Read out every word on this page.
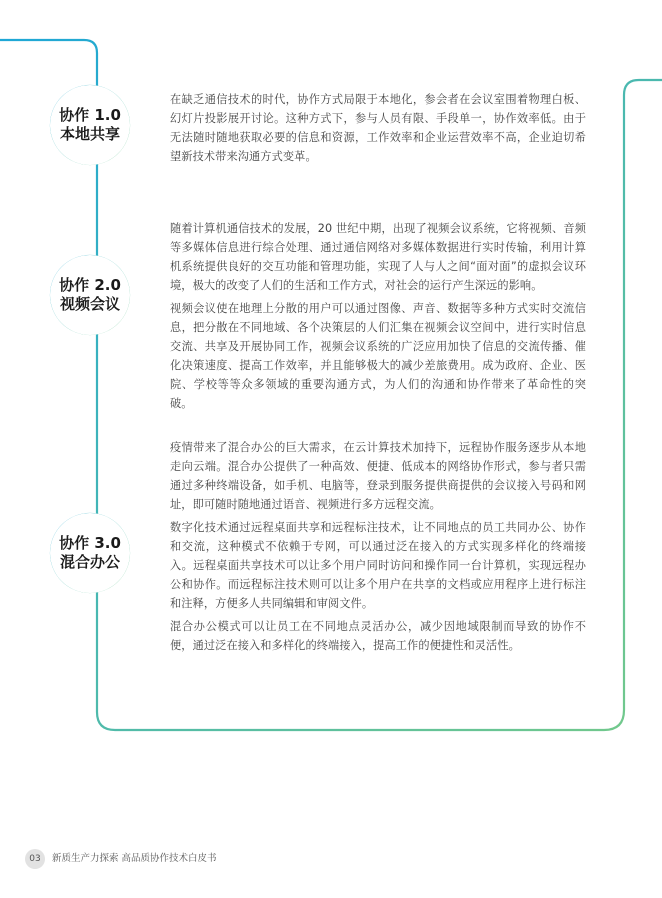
协作 1.0
本地共享

在缺乏通信技术的时代，协作方式局限于本地化，参会者在会议室围着物理白板、幻灯片投影展开讨论。这种方式下，参与人员有限、手段单一，协作效率低。由于无法随时随地获取必要的信息和资源，工作效率和企业运营效率不高，企业迫切希望新技术带来沟通方式变革。

协作 2.0
视频会议

随着计算机通信技术的发展，20 世纪中期，出现了视频会议系统，它将视频、音频等多媒体信息进行综合处理、通过通信网络对多媒体数据进行实时传输，利用计算机系统提供良好的交互功能和管理功能，实现了人与人之间“面对面”的虚拟会议环境，极大的改变了人们的生活和工作方式，对社会的运行产生深远的影响。

视频会议使在地理上分散的用户可以通过图像、声音、数据等多种方式实时交流信息，把分散在不同地域、各个决策层的人们汇集在视频会议空间中，进行实时信息交流、共享及开展协同工作，视频会议系统的广泛应用加快了信息的交流传播、催化决策速度、提高工作效率，并且能够极大的减少差旅费用。成为政府、企业、医院、学校等等众多领域的重要沟通方式，为人们的沟通和协作带来了革命性的突破。

协作 3.0
混合办公

疫情带来了混合办公的巨大需求，在云计算技术加持下，远程协作服务逐步从本地走向云端。混合办公提供了一种高效、便捷、低成本的网络协作形式，参与者只需通过多种终端设备，如手机、电脑等，登录到服务提供商提供的会议接入号码和网址，即可随时随地通过语音、视频进行多方远程交流。

数字化技术通过远程桌面共享和远程标注技术，让不同地点的员工共同办公、协作和交流，这种模式不依赖于专网，可以通过泛在接入的方式实现多样化的终端接入。远程桌面共享技术可以让多个用户同时访问和操作同一台计算机，实现远程办公和协作。而远程标注技术则可以让多个用户在共享的文档或应用程序上进行标注和注释，方便多人共同编辑和审阅文件。

混合办公模式可以让员工在不同地点灵活办公，减少因地域限制而导致的协作不便，通过泛在接入和多样化的终端接入，提高工作的便捷性和灵活性。

03	新质生产力探索 高品质协作技术白皮书
